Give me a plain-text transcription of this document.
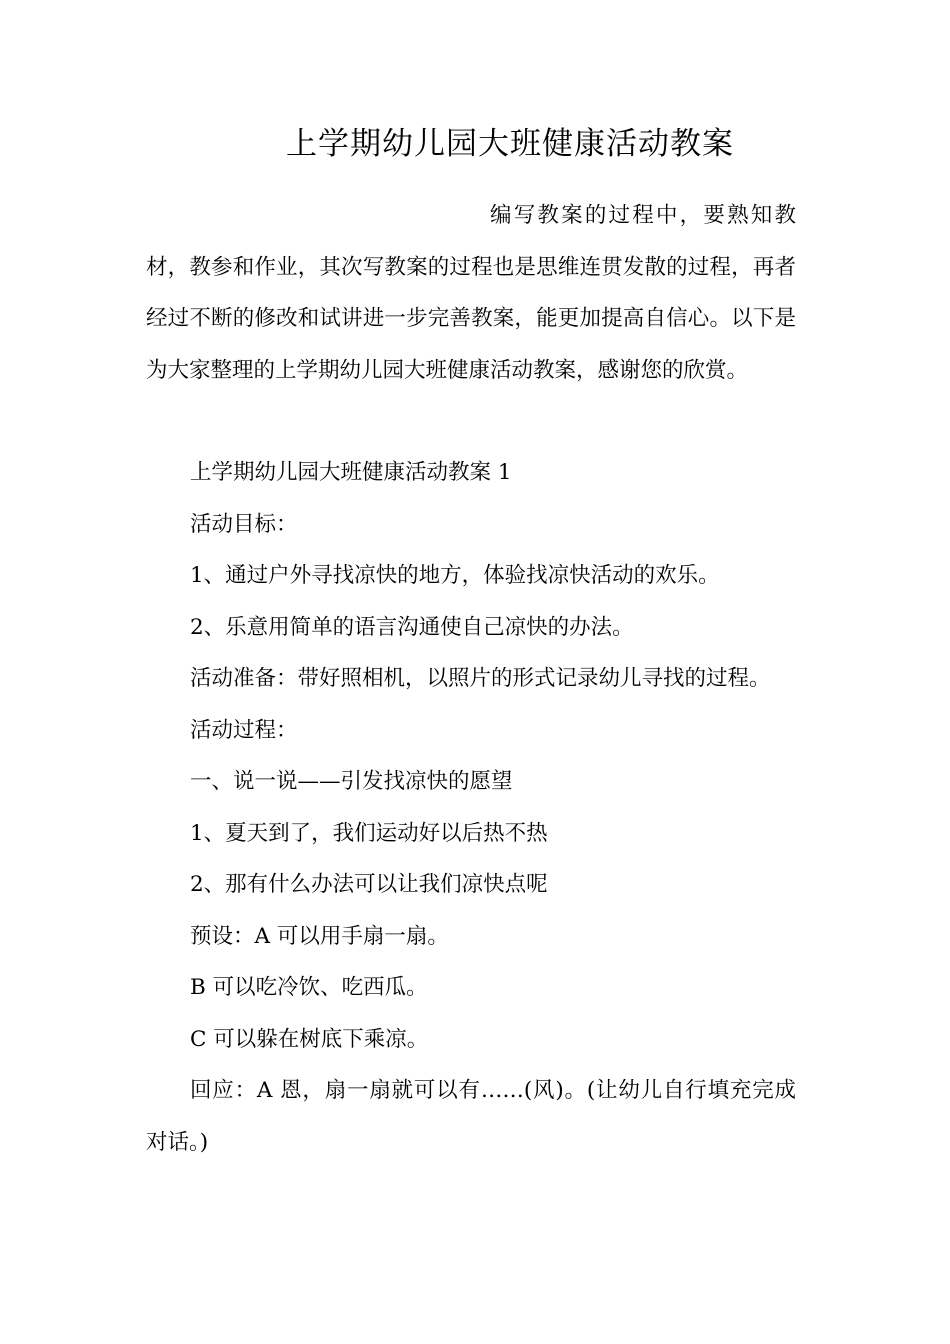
上学期幼儿园大班健康活动教案
编写教案的过程中，要熟知教材，教参和作业，其次写教案的过程也是思维连贯发散的过程，再者经过不断的修改和试讲进一步完善教案，能更加提高自信心。以下是为大家整理的上学期幼儿园大班健康活动教案，感谢您的欣赏。

上学期幼儿园大班健康活动教案 1

活动目标：

1、通过户外寻找凉快的地方，体验找凉快活动的欢乐。

2、乐意用简单的语言沟通使自己凉快的办法。

活动准备：带好照相机，以照片的形式记录幼儿寻找的过程。

活动过程：

一、说一说——引发找凉快的愿望

1、夏天到了，我们运动好以后热不热

2、那有什么办法可以让我们凉快点呢

预设：A 可以用手扇一扇。

B 可以吃冷饮、吃西瓜。

C 可以躲在树底下乘凉。

回应：A 恩，扇一扇就可以有……(风)。(让幼儿自行填充完成对话。)
